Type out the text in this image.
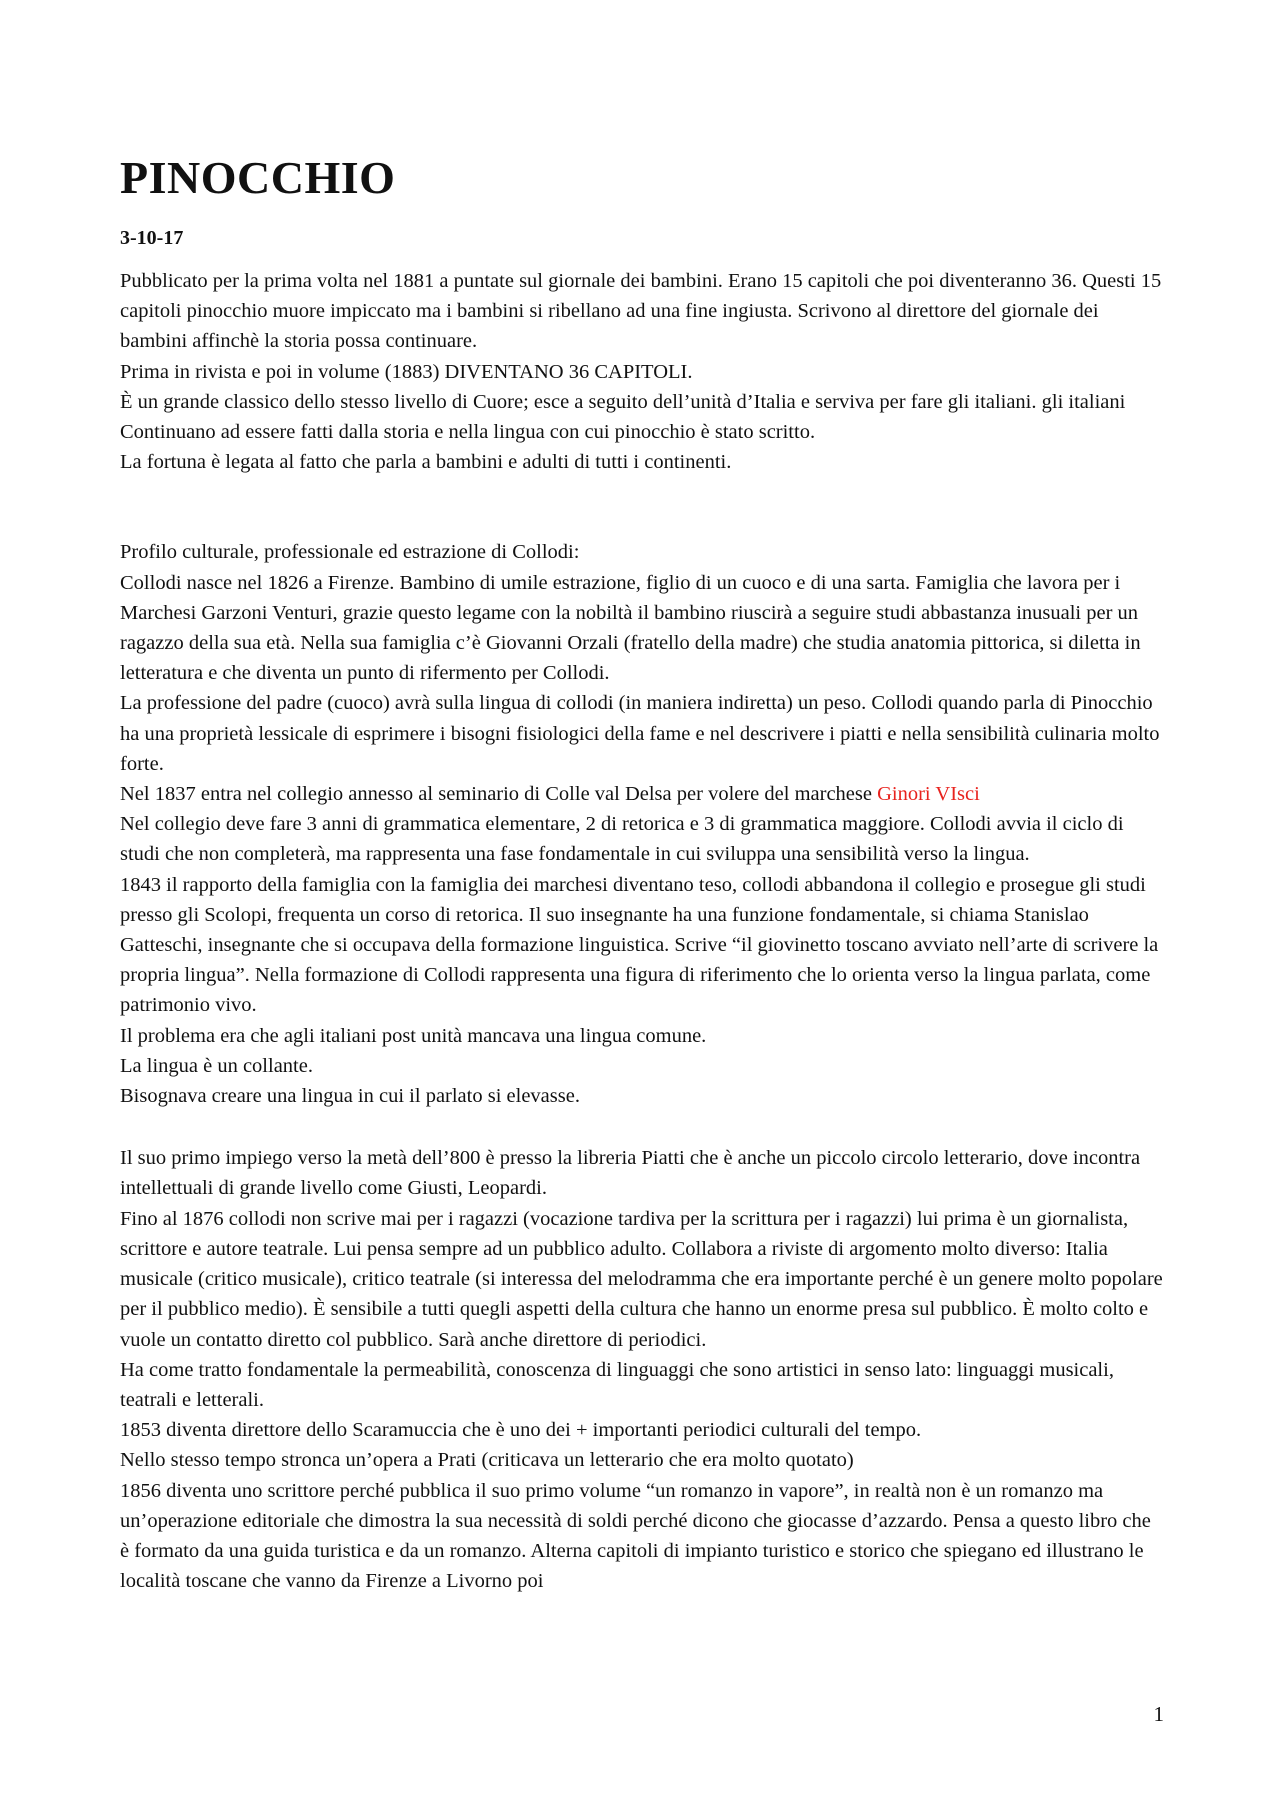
PINOCCHIO
3-10-17

Pubblicato per la prima volta nel 1881 a puntate sul giornale dei bambini. Erano 15 capitoli che poi diventeranno 36. Questi 15 capitoli pinocchio muore impiccato ma i bambini si ribellano ad una fine ingiusta. Scrivono al direttore del giornale dei bambini affinchè la storia possa continuare.

Prima in rivista e poi in volume (1883) DIVENTANO 36 CAPITOLI.

È un grande classico dello stesso livello di Cuore; esce a seguito dell’unità d’Italia e serviva per fare gli italiani. gli italiani Continuano ad essere fatti dalla storia e nella lingua con cui pinocchio è stato scritto.

La fortuna è legata al fatto che parla a bambini e adulti di tutti i continenti.

Profilo culturale, professionale ed estrazione di Collodi:

Collodi nasce nel 1826 a Firenze. Bambino di umile estrazione, figlio di un cuoco e di una sarta. Famiglia che lavora per i Marchesi Garzoni Venturi, grazie questo legame con la nobiltà il bambino riuscirà a seguire studi abbastanza inusuali per un ragazzo della sua età. Nella sua famiglia c’è Giovanni Orzali (fratello della madre) che studia anatomia pittorica, si diletta in letteratura e che diventa un punto di rifermento per Collodi.

La professione del padre (cuoco) avrà sulla lingua di collodi (in maniera indiretta) un peso. Collodi quando parla di Pinocchio ha una proprietà lessicale di esprimere i bisogni fisiologici della fame e nel descrivere i piatti e nella sensibilità culinaria molto forte.

Nel 1837 entra nel collegio annesso al seminario di Colle val Delsa per volere del marchese Ginori VIsci

Nel collegio deve fare 3 anni di grammatica elementare, 2 di retorica e 3 di grammatica maggiore. Collodi avvia il ciclo di studi che non completerà, ma rappresenta una fase fondamentale in cui sviluppa una sensibilità verso la lingua.

1843 il rapporto della famiglia con la famiglia dei marchesi diventano teso, collodi abbandona il collegio e prosegue gli studi presso gli Scolopi, frequenta un corso di retorica. Il suo insegnante ha una funzione fondamentale, si chiama Stanislao Gatteschi, insegnante che si occupava della formazione linguistica. Scrive “il giovinetto toscano avviato nell’arte di scrivere la propria lingua”. Nella formazione di Collodi rappresenta una figura di riferimento che lo orienta verso la lingua parlata, come patrimonio vivo.

Il problema era che agli italiani post unità mancava una lingua comune.

La lingua è un collante.

Bisognava creare una lingua in cui il parlato si elevasse.

Il suo primo impiego verso la metà dell’800 è presso la libreria Piatti che è anche un piccolo circolo letterario, dove incontra intellettuali di grande livello come Giusti, Leopardi.

Fino al 1876 collodi non scrive mai per i ragazzi (vocazione tardiva per la scrittura per i ragazzi) lui prima è un giornalista, scrittore e autore teatrale. Lui pensa sempre ad un pubblico adulto. Collabora a riviste di argomento molto diverso: Italia musicale (critico musicale), critico teatrale (si interessa del melodramma che era importante perché è un genere molto popolare per il pubblico medio). È sensibile a tutti quegli aspetti della cultura che hanno un enorme presa sul pubblico. È molto colto e vuole un contatto diretto col pubblico. Sarà anche direttore di periodici.

Ha come tratto fondamentale la permeabilità, conoscenza di linguaggi che sono artistici in senso lato: linguaggi musicali, teatrali e letterali.

1853 diventa direttore dello Scaramuccia che è uno dei + importanti periodici culturali del tempo.

Nello stesso tempo stronca un’opera a Prati (criticava un letterario che era molto quotato)

1856 diventa uno scrittore perché pubblica il suo primo volume “un romanzo in vapore”, in realtà non è un romanzo ma un’operazione editoriale che dimostra la sua necessità di soldi perché dicono che giocasse d’azzardo. Pensa a questo libro che è formato da una guida turistica e da un romanzo. Alterna capitoli di impianto turistico e storico che spiegano ed illustrano le località toscane che vanno da Firenze a Livorno poi

1
